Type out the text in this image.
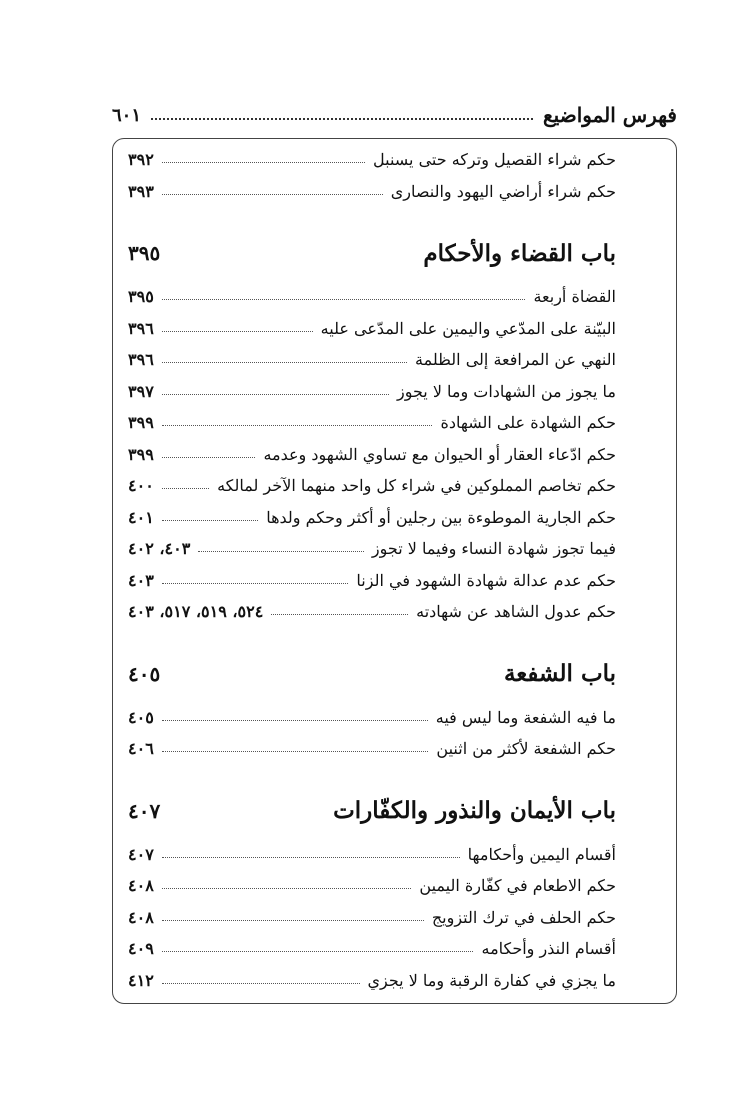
فهرس المواضيع
٦٠١
حكم شراء القصيل وتركه حتى يسنبل
٣٩٢
حكم شراء أراضي اليهود والنصارى
٣٩٣
باب القضاء والأحكام
٣٩٥
القضاة أربعة
٣٩٥
البيّنة على المدّعي واليمين على المدّعى عليه
٣٩٦
النهي عن المرافعة إلى الظلمة
٣٩٦
ما يجوز من الشهادات وما لا يجوز
٣٩٧
حكم الشهادة على الشهادة
٣٩٩
حكم ادّعاء العقار أو الحيوان مع تساوي الشهود وعدمه
٣٩٩
حكم تخاصم المملوكين في شراء كل واحد منهما الآخر لمالكه
٤٠٠
حكم الجارية الموطوءة بين رجلين أو أكثر وحكم ولدها
٤٠١
فيما تجوز شهادة النساء وفيما لا تجوز
٤٠٣، ٤٠٢
حكم عدم عدالة شهادة الشهود في الزنا
٤٠٣
حكم عدول الشاهد عن شهادته
٥٢٤، ٥١٩، ٥١٧، ٤٠٣
باب الشفعة
٤٠٥
ما فيه الشفعة وما ليس فيه
٤٠٥
حكم الشفعة لأكثر من اثنين
٤٠٦
باب الأيمان والنذور والكفّارات
٤٠٧
أقسام اليمين وأحكامها
٤٠٧
حكم الاطعام في كفّارة اليمين
٤٠٨
حكم الحلف في ترك التزويج
٤٠٨
أقسام النذر وأحكامه
٤٠٩
ما يجزي في كفارة الرقبة وما لا يجزي
٤١٢
